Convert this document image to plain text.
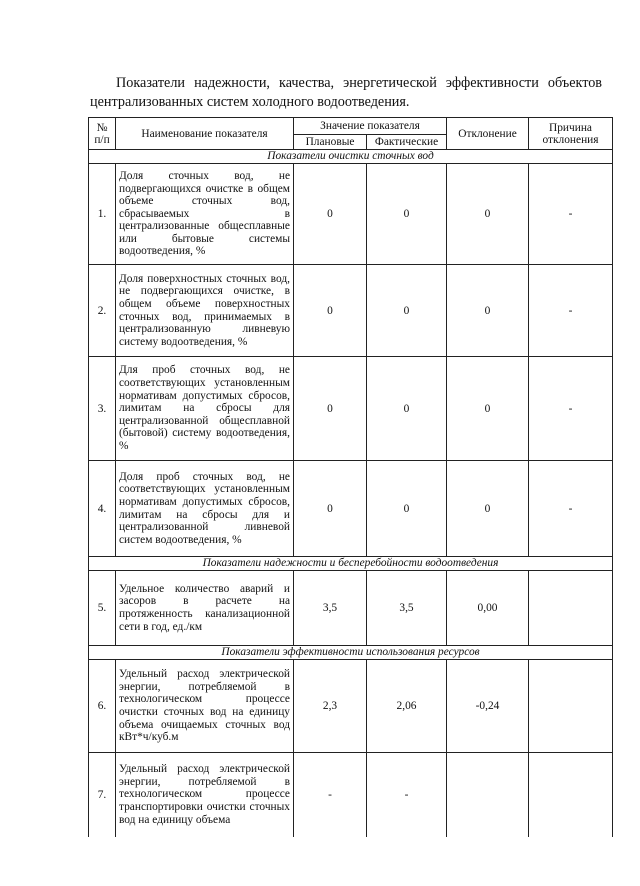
Показатели надежности, качества, энергетической эффективности объектов
централизованных систем холодного водоотведения.
№
п/п	Наименование показателя	Значение показателя		Отклонение	Причина
отклонения
		Плановые	Фактические		
Показатели очистки сточных вод					
1.	Доля сточных вод, не подвергающихся очистке в общем объеме сточных вод, сбрасываемых в централизованные общесплавные или бытовые системы водоотведения, %	0	0	0	-
2.	Доля поверхностных сточных вод, не подвергающихся очистке, в общем объеме поверхностных сточных вод, принимаемых в централизованную ливневую систему водоотведения, %	0	0	0	-
3.	Для проб сточных вод, не соответствующих установленным нормативам допустимых сбросов, лимитам на сбросы для централизованной общесплавной (бытовой) систему водоотведения, %	0	0	0	-
4.	Доля проб сточных вод, не соответствующих установленным нормативам допустимых сбросов, лимитам на сбросы для и централизованной ливневой систем водоотведения, %	0	0	0	-
Показатели надежности и бесперебойности водоотведения					
5.	Удельное количество аварий и засоров в расчете на протяженность канализационной сети в год, ед./км	3,5	3,5	0,00	
Показатели эффективности использования ресурсов					
6.	Удельный расход электрической энергии, потребляемой в технологическом процессе очистки сточных вод на единицу объема очищаемых сточных вод кВт*ч/куб.м	2,3	2,06	-0,24	
7.	Удельный расход электрической энергии, потребляемой в технологическом процессе транспортировки очистки сточных вод на единицу объема	-	-		
